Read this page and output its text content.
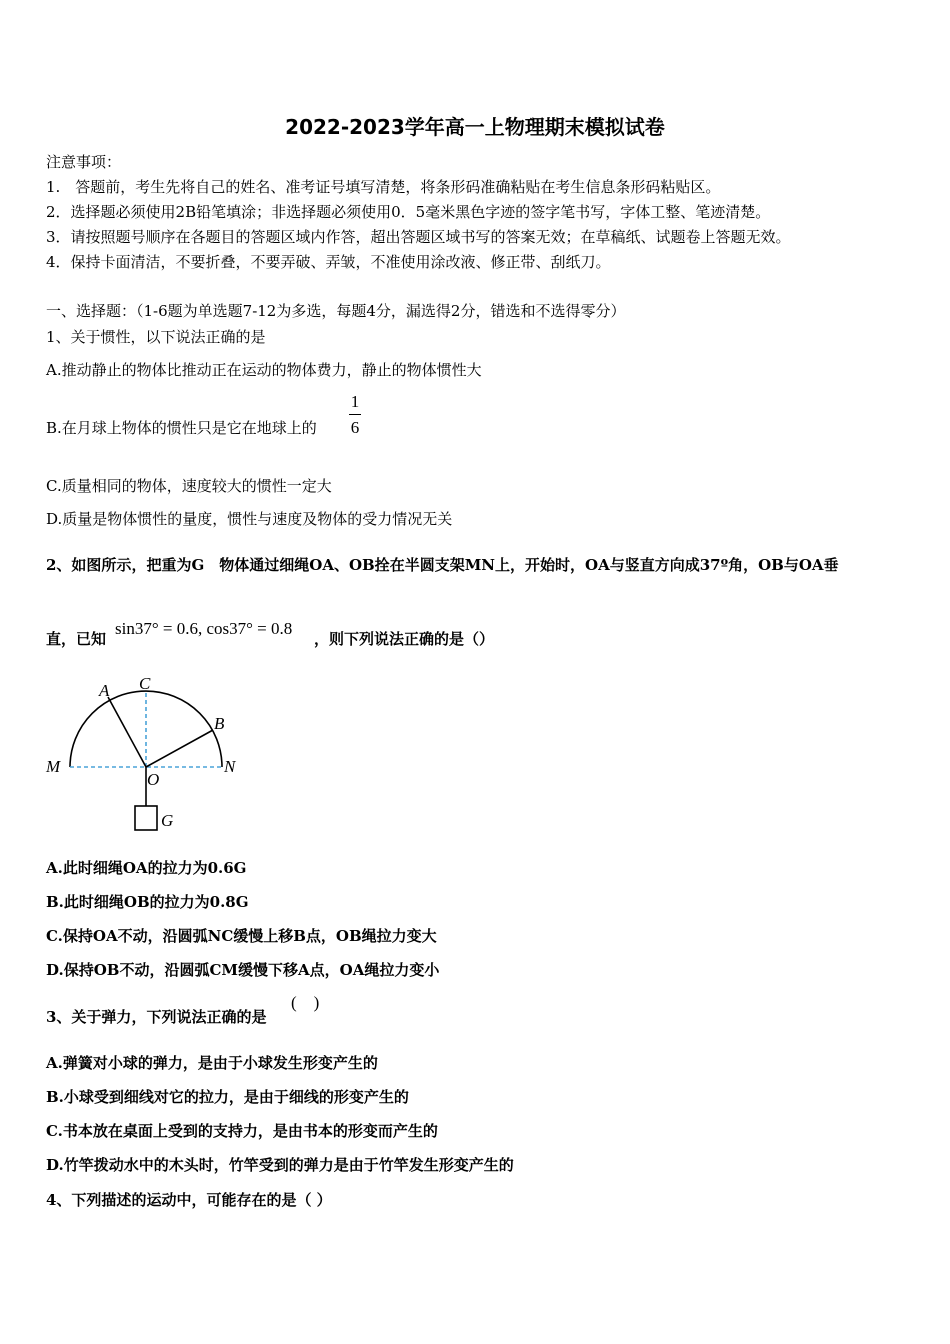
2022-2023学年高一上物理期末模拟试卷
注意事项：
1.　答题前，考生先将自己的姓名、准考证号填写清楚，将条形码准确粘贴在考生信息条形码粘贴区。
2．选择题必须使用2B铅笔填涂；非选择题必须使用0．5毫米黑色字迹的签字笔书写，字体工整、笔迹清楚。
3．请按照题号顺序在各题目的答题区域内作答，超出答题区域书写的答案无效；在草稿纸、试题卷上答题无效。
4．保持卡面清洁，不要折叠，不要弄破、弄皱，不准使用涂改液、修正带、刮纸刀。
一、选择题：（1-6题为单选题7-12为多选，每题4分，漏选得2分，错选和不选得零分）
1、关于惯性，以下说法正确的是
A.推动静止的物体比推动正在运动的物体费力，静止的物体惯性大
B.在月球上物体的惯性只是它在地球上的
1
6
C.质量相同的物体，速度较大的惯性一定大
D.质量是物体惯性的量度，惯性与速度及物体的受力情况无关
2、如图所示，把重为G　物体通过细绳OA、OB拴在半圆支架MN上，开始时，OA与竖直方向成37º角，OB与OA垂
直，已知
sin37° = 0.6, cos37° = 0.8
，则下列说法正确的是（）
A C
B
M	N
O
G
A.此时细绳OA的拉力为0.6G
B.此时细绳OB的拉力为0.8G
C.保持OA不动，沿圆弧NC缓慢上移B点，OB绳拉力变大
D.保持OB不动，沿圆弧CM缓慢下移A点，OA绳拉力变小
3、关于弹力，下列说法正确的是
(　)
A.弹簧对小球的弹力，是由于小球发生形变产生的
B.小球受到细线对它的拉力，是由于细线的形变产生的
C.书本放在桌面上受到的支持力，是由书本的形变而产生的
D.竹竿拨动水中的木头时，竹竿受到的弹力是由于竹竿发生形变产生的
4、下列描述的运动中，可能存在的是（ ）
